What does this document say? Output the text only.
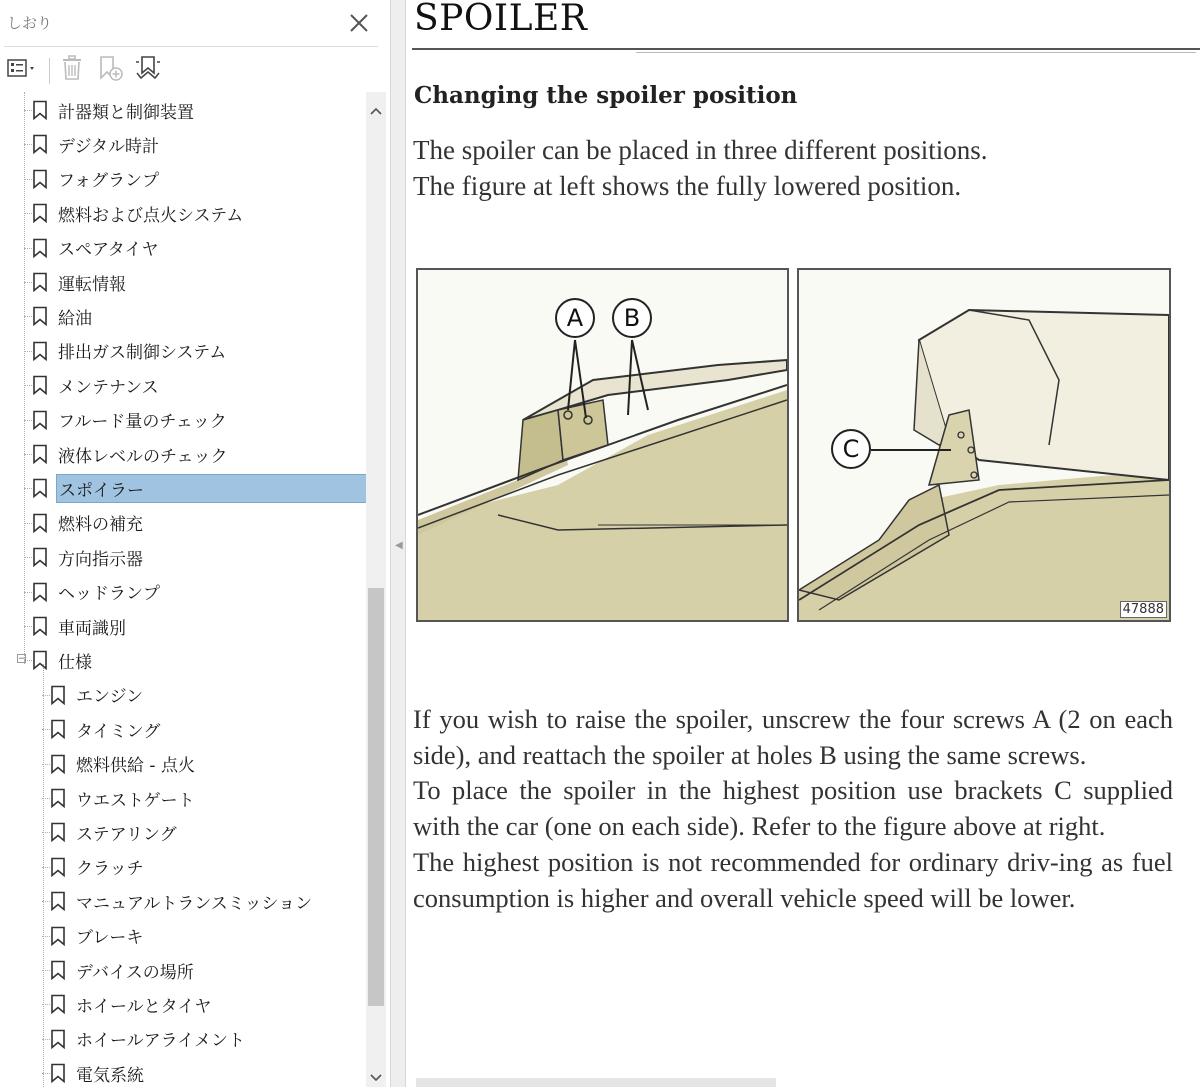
しおり
計器類と制御装置
デジタル時計
フォグランプ
燃料および点火システム
スペアタイヤ
運転情報
給油
排出ガス制御システム
メンテナンス
フルード量のチェック
液体レベルのチェック
スポイラー
燃料の補充
方向指示器
ヘッドランプ
車両識別
仕様
エンジン
タイミング
燃料供給 - 点火
ウエストゲート
ステアリング
クラッチ
マニュアルトランスミッション
ブレーキ
デバイスの場所
ホイールとタイヤ
ホイールアライメント
電気系統
−
◀
SPOILER
Changing the spoiler position
The spoiler can be placed in three different positions.
The figure at left shows the fully lowered position.
A	B
C
47888

If you wish to raise the spoiler, unscrew the four screws A (2 on each side), and reattach the spoiler at holes B using the same screws.

To place the spoiler in the highest position use brackets C supplied with the car (one on each side). Refer to the figure above at right.

The highest position is not recommended for ordinary driv-ing as fuel consumption is higher and overall vehicle speed will be lower.
